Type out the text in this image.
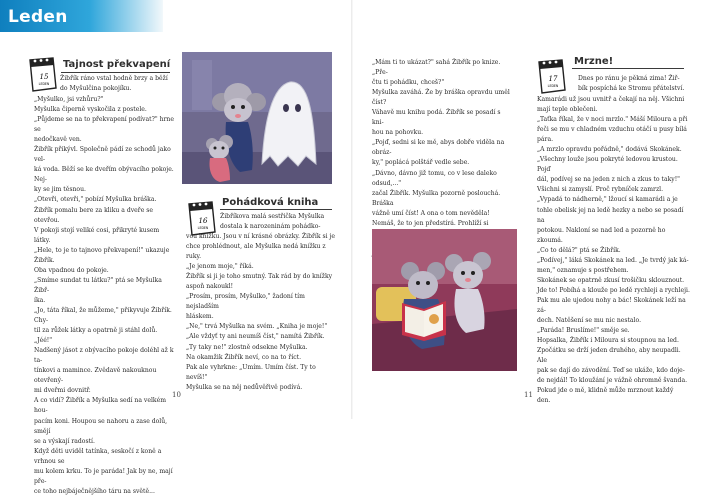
Leden
15
LEDEN
Tajnost překvapení

Žibřík ráno vstal hodně brzy a běží

do Myšulčina pokojíku.

„Myšulko, jsi vzhůru?"

Myšulka čiperně vyskočila z postele.

„Půjdeme se na to překvapení podívat?" hrne se

nedočkavě ven.

Žibřík přikývl. Společně pádí ze schodů jako vel-

ká voda. Běží se ke dveřím obývacího pokoje. Nej-

ky se jim těsnou.

„Otevři, otevři," pobízí Myšulka bráška.

Žibřík pomalu bere za kliku a dveře se otevřou.

V pokoji stojí veliké cosi, přikryté kusem látky.

„Hele, to je to tajnovo překvapení!" ukazuje Žibřík.

Oba vpadnou do pokoje.

„Smíme sundat tu látku?" ptá se Myšulka Žibř-

íka.

„Jo, táta říkal, že můžeme," přikyvuje Žibřík. Chy-

til za růžek látky a opatrně ji stáhl dolů.

„Jéé!"

Nadšený jásot z obývacího pokoje doléhl až k ta-

tínkovi a mamince. Zvědavě nakouknou otevřený-

mi dveřmi dovnitř.

A co vidí? Žibřík a Myšulka sedí na velkém hou-

pacím koni. Houpou se nahoru a zase dolů, smějí

se a výskají radostí.

Když děti uviděl tatínka, seskočí z koně a vrhnou se

mu kolem krku. To je paráda! Jak by ne, mají pře-

ce toho nejbáječnějšího táru na světě...

16
LEDEN
Pohádková kniha

Žibříkova malá sestřička Myšulka

dostala k narozeninám pohádko-

vou knížku. Jsou v ní krásné obrázky. Žibřík si je

chce prohlédnout, ale Myšulka nedá knížku z ruky.

„Je jenom moje," říká.

Žibřík si ji je toho smutný. Tak rád by do knížky

aspoň nakoukl!

„Prosím, prosím, Myšulko," žadoní tím nejsladším

hláskem.

„Ne," trvá Myšulka na svém. „Kniha je moje!"

„Ale vždyť ty ani neumíš číst," namítá Žibřík.

„Ty taky ne!" zlostně odsekne Myšulka.

Na okamžik Žibřík neví, co na to říct.

Pak ale vyhrkne: „Umím. Umím číst. Ty to nevíš!"

Myšulka se na něj nedůvěřivě podívá.

10

„Mám ti to ukázat?" sahá Žibřík po knize. „Pře-

čtu ti pohádku, chceš?"

Myšulka zaváhá. Že by bráška opravdu uměl číst?

Váhavě mu knihu podá. Žibřík se posadí s kni-

hou na pohovku.

„Pojď, sedni si ke mě, abys dobře viděla na obráz-

ky," poplácá polštář vedle sebe.

„Dávno, dávno již tomu, co v lese daleko odsud,..."

začal Žibřík. Myšulka pozorně poslouchá. Bráška

vážně umí číst! A ona o tom nevěděla!

Nemáš, že to jen předstírá. Prohlíží si

17
LEDEN
Mrzne!

Dnes po ránu je pěkná zima! Žiř-

bík pospíchá ke Stromu přátelství.

Kamarádi už jsou uvnitř a čekají na něj. Všichni

mají teple oblečeni.

„Taťka říkal, že v noci mrzlo." Máší Miloura a při

řeči se mu v chladném vzduchu otáčí u pusy bílá

pára.

„A mrzlo opravdu pořádně," dodává Skokánek.

„Všechny louže jsou pokryté ledovou krustou. Pojď

dál, podívej se na jeden z nich a zkus to taky!"

Všichni si zamyslí. Proč rybníček zamrzl.

„Vypadá to nádherně," lžoucí si kamarádi a je

tohle obelisk jej na ledě hezky a nebo se posadí na

potokou. Nakloní se nad led a pozorně ho zkoumá.

„Co to dělá?" ptá se Žibřík.

„Podívej," láká Skokánek na led. „Je tvrdý jak ká-

men," oznamuje s postřehem.

Skokánek se opatrně zkusí trošičku sklouznout.

Jde to! Pobíhá a klouže po ledě rychleji a rychleji.

Pak mu ale ujedou nohy a bác! Skokánek leží na zá-

dech. Natěšení se mu nic nestalo.

„Paráda! Bruslíme!" směje se.

Hopsalka, Žibřík i Miloura si stoupnou na led.

Zpočátku se drží jeden druhého, aby neupadli. Ale

pak se dají do závodění. Teď se ukáže, kdo doje-

de nejdál! To kloužání je vážně ohromně švanda.

Pokud jde o mě, klidně může mrznout každý

den.

11
